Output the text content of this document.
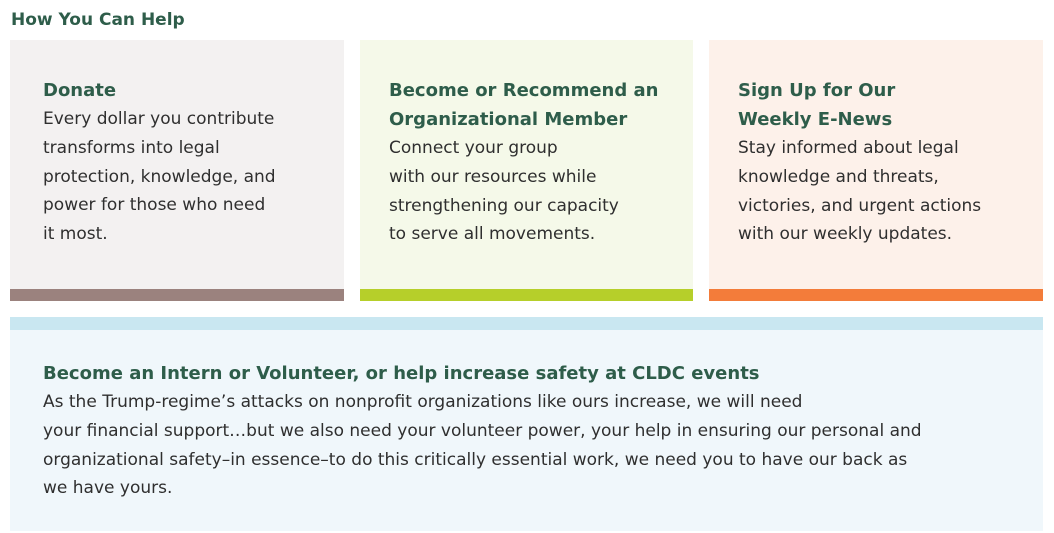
How You Can Help
Donate

Every dollar you contribute
transforms into legal
protection, knowledge, and
power for those who need
it most.

Become or Recommend an
Organizational Member

Connect your group
with our resources while
strengthening our capacity
to serve all movements.

Sign Up for Our
Weekly E-News

Stay informed about legal
knowledge and threats,
victories, and urgent actions
with our weekly updates.

Become an Intern or Volunteer, or help increase safety at CLDC events

As the Trump-regime’s attacks on nonprofit organizations like ours increase, we will need
your financial support…but we also need your volunteer power, your help in ensuring our personal and
organizational safety–in essence–to do this critically essential work, we need you to have our back as
we have yours.
